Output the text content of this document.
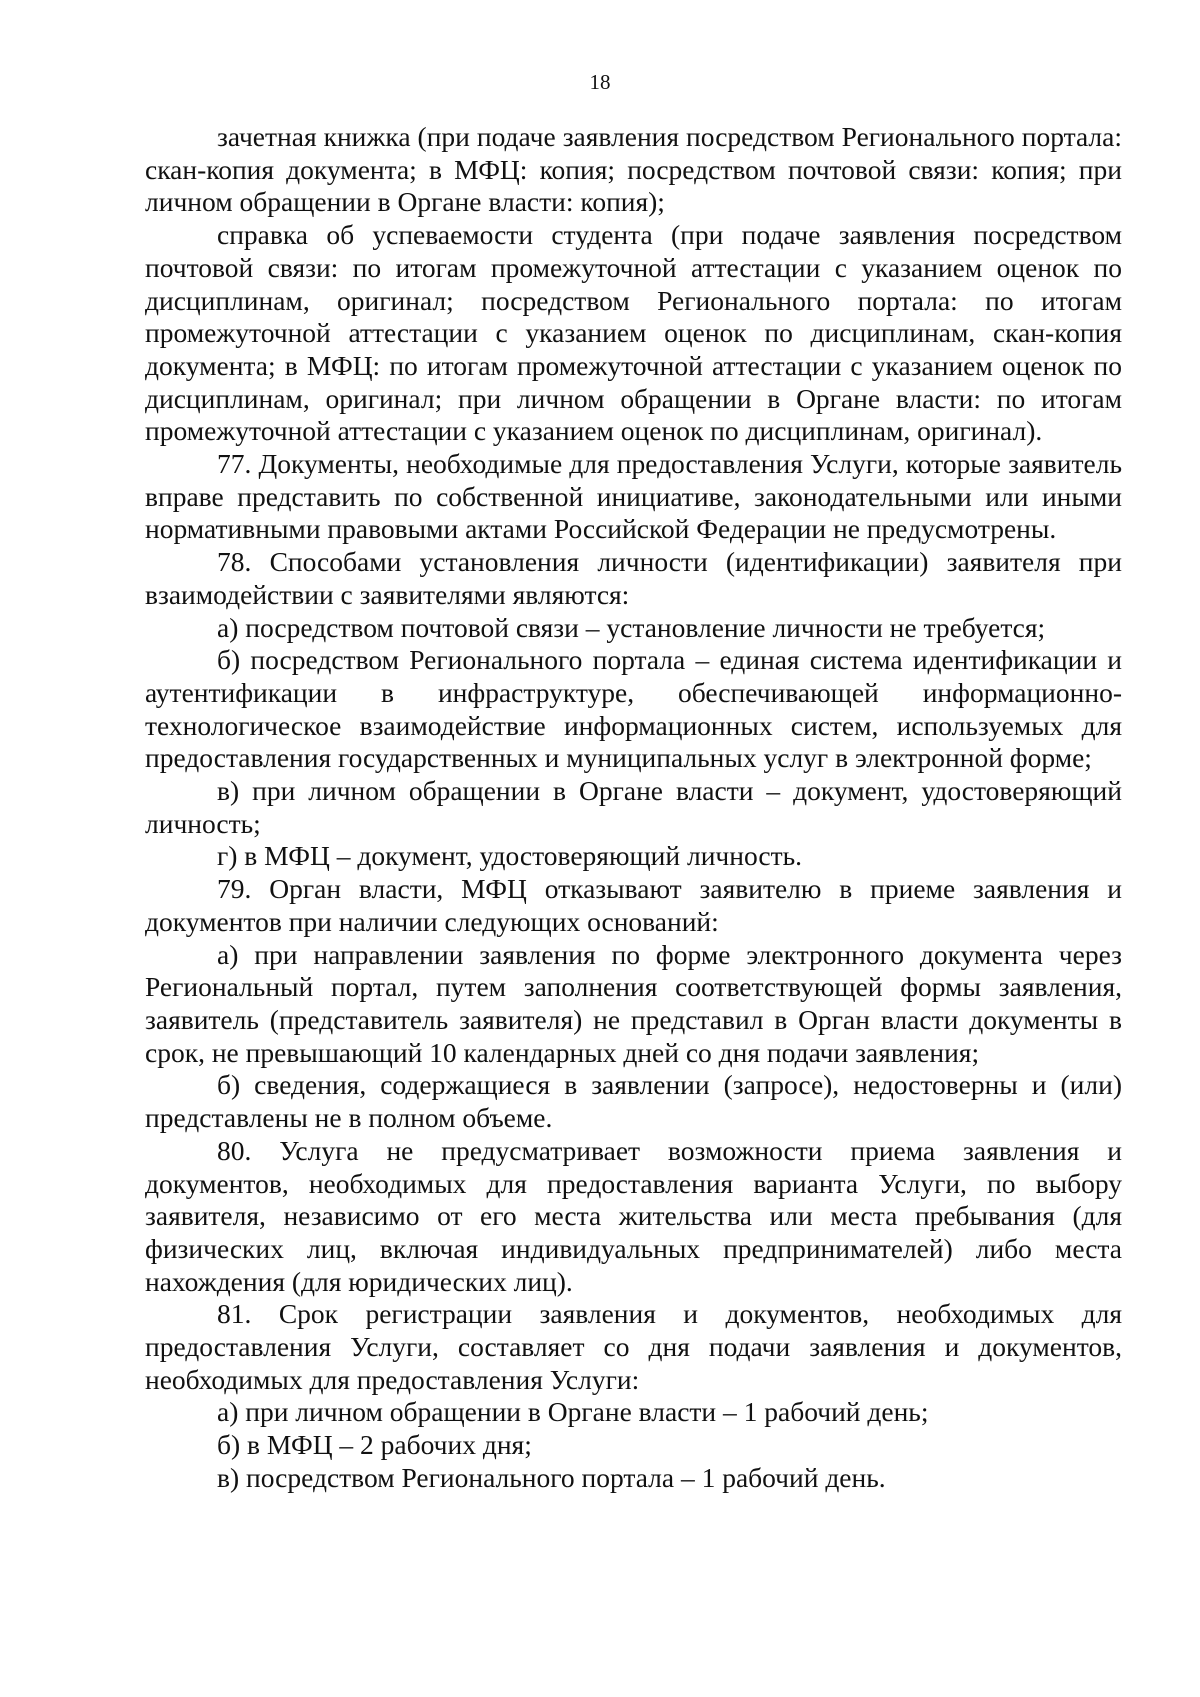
18

зачетная книжка (при подаче заявления посредством Регионального портала: скан-копия документа; в МФЦ: копия; посредством почтовой связи: копия; при личном обращении в Органе власти: копия);

справка об успеваемости студента (при подаче заявления посредством почтовой связи: по итогам промежуточной аттестации с указанием оценок по дисциплинам, оригинал; посредством Регионального портала: по итогам промежуточной аттестации с указанием оценок по дисциплинам, скан-копия документа; в МФЦ: по итогам промежуточной аттестации с указанием оценок по дисциплинам, оригинал; при личном обращении в Органе власти: по итогам промежуточной аттестации с указанием оценок по дисциплинам, оригинал).

77. Документы, необходимые для предоставления Услуги, которые заявитель вправе представить по собственной инициативе, законодательными или иными нормативными правовыми актами Российской Федерации не предусмотрены.

78. Способами установления личности (идентификации) заявителя при взаимодействии с заявителями являются:

а) посредством почтовой связи – установление личности не требуется;

б) посредством Регионального портала – единая система идентификации и аутентификации в инфраструктуре, обеспечивающей информационно-технологическое взаимодействие информационных систем, используемых для предоставления государственных и муниципальных услуг в электронной форме;

в) при личном обращении в Органе власти – документ, удостоверяющий личность;

г) в МФЦ – документ, удостоверяющий личность.

79. Орган власти, МФЦ отказывают заявителю в приеме заявления и документов при наличии следующих оснований:

а) при направлении заявления по форме электронного документа через Региональный портал, путем заполнения соответствующей формы заявления, заявитель (представитель заявителя) не представил в Орган власти документы в срок, не превышающий 10 календарных дней со дня подачи заявления;

б) сведения, содержащиеся в заявлении (запросе), недостоверны и (или) представлены не в полном объеме.

80. Услуга не предусматривает возможности приема заявления и документов, необходимых для предоставления варианта Услуги, по выбору заявителя, независимо от его места жительства или места пребывания (для физических лиц, включая индивидуальных предпринимателей) либо места нахождения (для юридических лиц).

81. Срок регистрации заявления и документов, необходимых для предоставления Услуги, составляет со дня подачи заявления и документов, необходимых для предоставления Услуги:

а) при личном обращении в Органе власти – 1 рабочий день;

б) в МФЦ – 2 рабочих дня;

в) посредством Регионального портала – 1 рабочий день.
